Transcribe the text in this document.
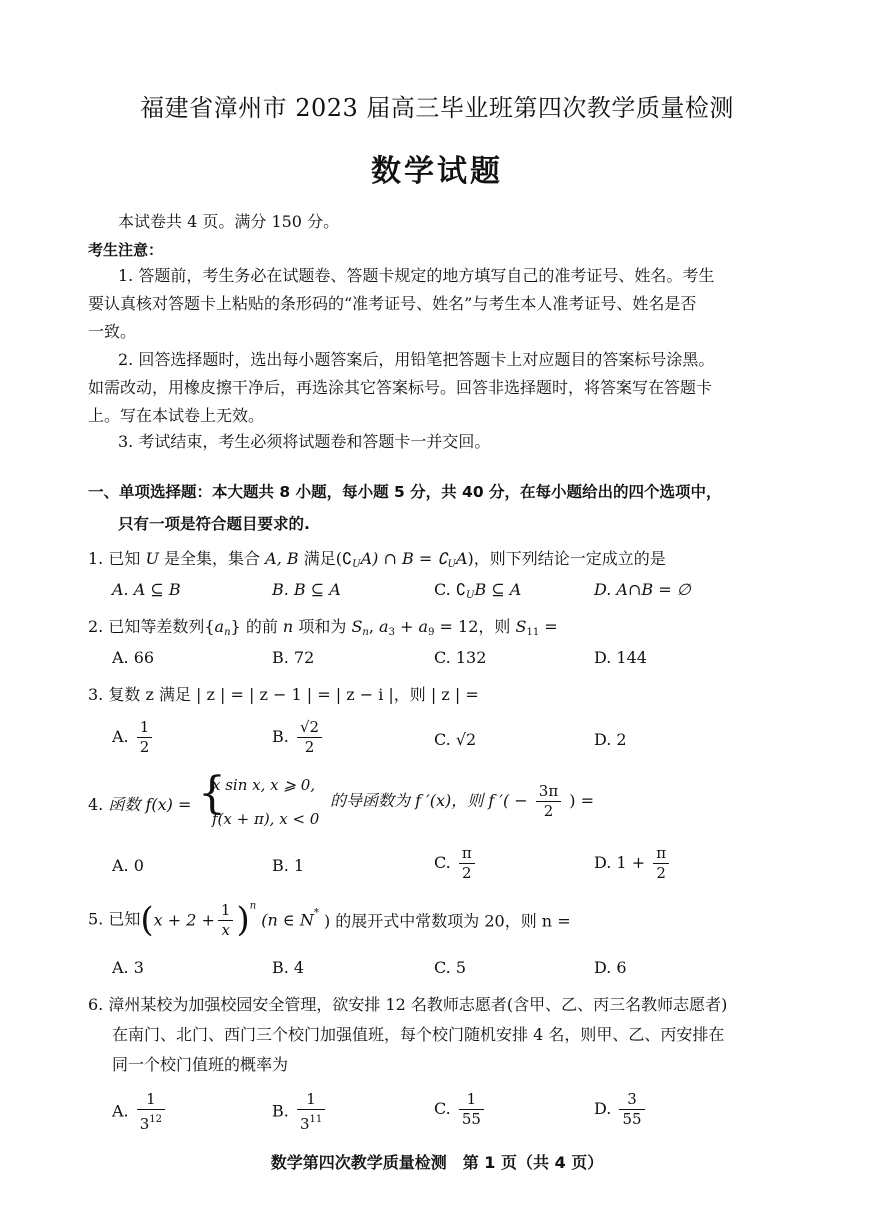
福建省漳州市 2023 届高三毕业班第四次教学质量检测
数学试题
本试卷共 4 页。满分 150 分。
考生注意：
1. 答题前，考生务必在试题卷、答题卡规定的地方填写自己的准考证号、姓名。考生
要认真核对答题卡上粘贴的条形码的“准考证号、姓名”与考生本人准考证号、姓名是否
一致。
2. 回答选择题时，选出每小题答案后，用铅笔把答题卡上对应题目的答案标号涂黑。
如需改动，用橡皮擦干净后，再选涂其它答案标号。回答非选择题时，将答案写在答题卡
上。写在本试卷上无效。
3. 考试结束，考生必须将试题卷和答题卡一并交回。
一、单项选择题：本大题共 8 小题，每小题 5 分，共 40 分，在每小题给出的四个选项中，
只有一项是符合题目要求的.
1. 已知 U 是全集，集合 A, B 满足$(∁_UA)$ ∩ $B = ∁_UA$)，则下列结论一定成立的是
A. A ⊆ B	B. B ⊆ A	C. $∁_UB$ ⊆ A	D. A∩B = ∅
2. 已知等差数列$\{a_n\}$ 的前 n 项和为 $S_n$, $a_3 + a_9 = 12$，则 $S_{11}$ =
A. 66	B. 72	C. 132	D. 144
3. 复数 z 满足 | z | = | z − 1 | = | z − i |，则 | z | =
A. $\frac{1}{2}$	B. $\frac{√2}{2}$	C. √2	D. 2
4. 函数 f(x) = {
x sin x, x ⩾ 0,
f(x + π), x < 0
的导函数为 f ′(x)，则 f ′( − $\frac{3\pi}{2}$ ) =
A. 0	B. 1	C. $\frac{\pi}{2}$	D. $1 + \frac{\pi}{2}$
5. 已知$(x + 2 + \frac{1}{x} )^n$ (n ∈ N* ) 的展开式中常数项为 20，则 n =
A. 3	B. 4	C. 5	D. 6
6. 漳州某校为加强校园安全管理，欲安排 12 名教师志愿者(含甲、乙、丙三名教师志愿者)
在南门、北门、西门三个校门加强值班，每个校门随机安排 4 名，则甲、乙、丙安排在
同一个校门值班的概率为
A. $\frac{1}{3^{12}}$	B. $\frac{1}{3^{11}}$	C. $\frac{1}{55}$	D. $\frac{3}{55}$
数学第四次教学质量检测　第 1 页（共 4 页）
